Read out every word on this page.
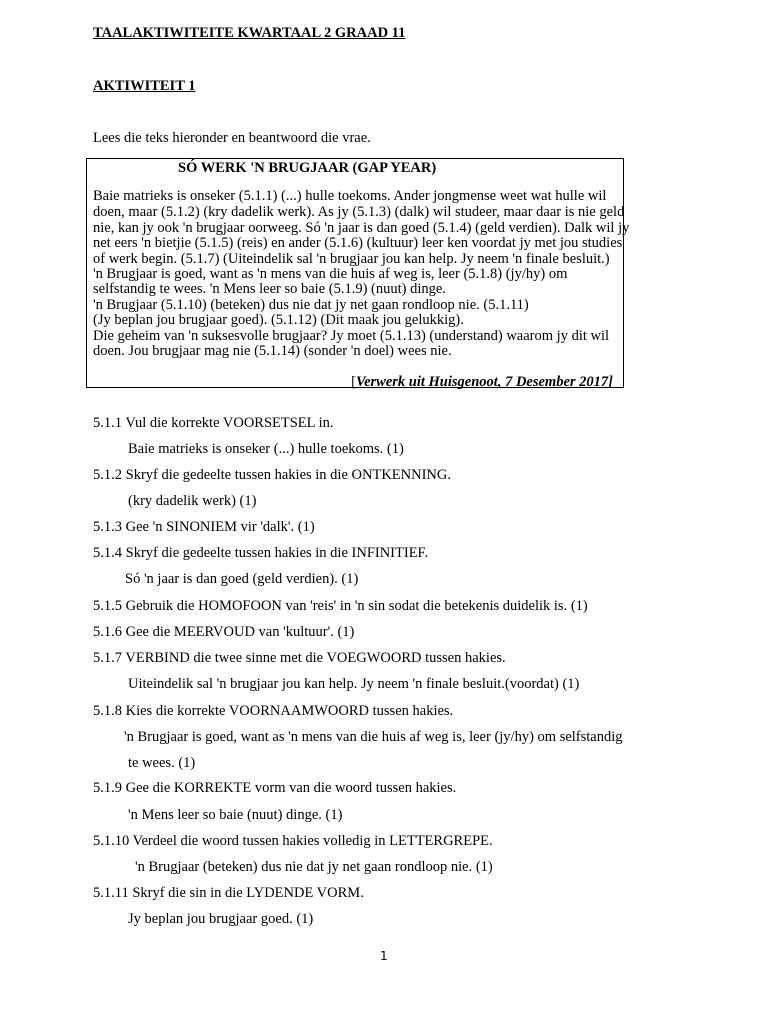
TAALAKTIWITEITE KWARTAAL 2 GRAAD 11
AKTIWITEIT 1
Lees die teks hieronder en beantwoord die vrae.
SÓ WERK 'N BRUGJAAR (GAP YEAR)
Baie matrieks is onseker (5.1.1) (...) hulle toekoms. Ander jongmense weet wat hulle wil
doen, maar (5.1.2) (kry dadelik werk). As jy (5.1.3) (dalk) wil studeer, maar daar is nie geld
nie, kan jy ook 'n brugjaar oorweeg. Só 'n jaar is dan goed (5.1.4) (geld verdien). Dalk wil jy
net eers 'n bietjie (5.1.5) (reis) en ander (5.1.6) (kultuur) leer ken voordat jy met jou studies
of werk begin. (5.1.7) (Uiteindelik sal 'n brugjaar jou kan help. Jy neem 'n finale besluit.)
'n Brugjaar is goed, want as 'n mens van die huis af weg is, leer (5.1.8) (jy/hy) om
selfstandig te wees. 'n Mens leer so baie (5.1.9) (nuut) dinge.
'n Brugjaar (5.1.10) (beteken) dus nie dat jy net gaan rondloop nie. (5.1.11)
(Jy beplan jou brugjaar goed). (5.1.12) (Dit maak jou gelukkig).
Die geheim van 'n suksesvolle brugjaar? Jy moet (5.1.13) (understand) waarom jy dit wil
doen. Jou brugjaar mag nie (5.1.14) (sonder 'n doel) wees nie.
[Verwerk uit Huisgenoot, 7 Desember 2017]
5.1.1 Vul die korrekte VOORSETSEL in.
Baie matrieks is onseker (...) hulle toekoms. (1)
5.1.2 Skryf die gedeelte tussen hakies in die ONTKENNING.
(kry dadelik werk) (1)
5.1.3 Gee 'n SINONIEM vir 'dalk'. (1)
5.1.4 Skryf die gedeelte tussen hakies in die INFINITIEF.
Só 'n jaar is dan goed (geld verdien). (1)
5.1.5 Gebruik die HOMOFOON van 'reis' in 'n sin sodat die betekenis duidelik is. (1)
5.1.6 Gee die MEERVOUD van 'kultuur'. (1)
5.1.7 VERBIND die twee sinne met die VOEGWOORD tussen hakies.
Uiteindelik sal 'n brugjaar jou kan help. Jy neem 'n finale besluit.(voordat) (1)
5.1.8 Kies die korrekte VOORNAAMWOORD tussen hakies.
'n Brugjaar is goed, want as 'n mens van die huis af weg is, leer (jy/hy) om selfstandig
te wees. (1)
5.1.9 Gee die KORREKTE vorm van die woord tussen hakies.
'n Mens leer so baie (nuut) dinge. (1)
5.1.10 Verdeel die woord tussen hakies volledig in LETTERGREPE.
'n Brugjaar (beteken) dus nie dat jy net gaan rondloop nie. (1)
5.1.11 Skryf die sin in die LYDENDE VORM.
Jy beplan jou brugjaar goed. (1)
1
